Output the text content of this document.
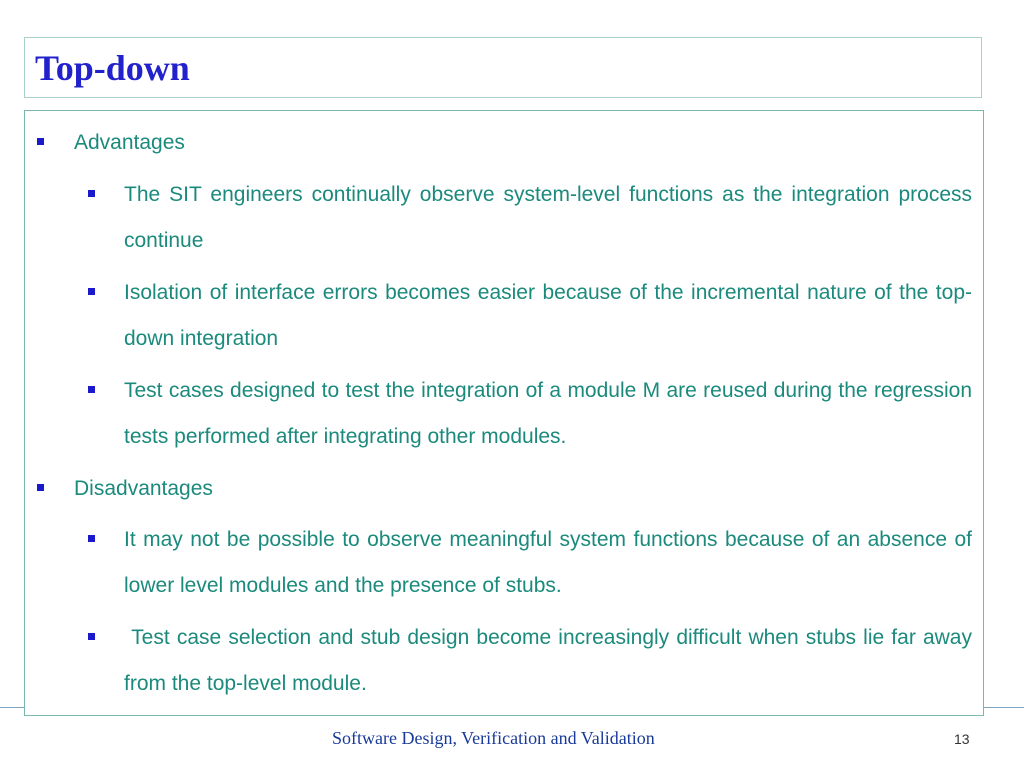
Top-down
Advantages
The SIT engineers continually observe system-level functions as the integration process continue
Isolation of interface errors becomes easier because of the incremental nature of the top-down integration
Test cases designed to test the integration of a module M are reused during the regression tests performed after integrating other modules.
Disadvantages
It may not be possible to observe meaningful system functions because of an absence of lower level modules and the presence of stubs.
Test case selection and stub design become increasingly difficult when stubs lie far away from the top-level module.
Software Design, Verification and Validation	13
